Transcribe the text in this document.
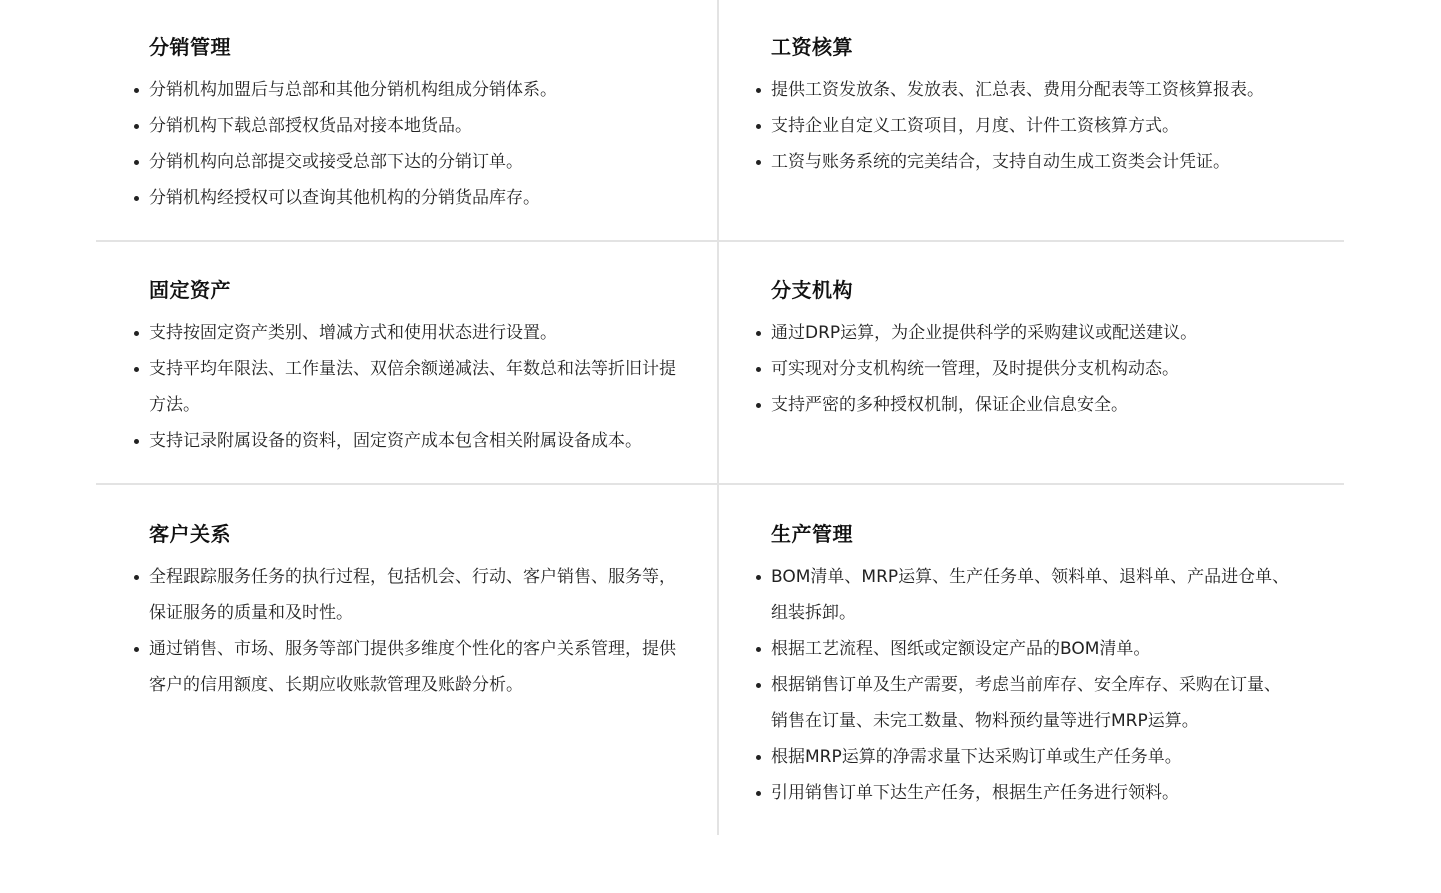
分销管理
分销机构加盟后与总部和其他分销机构组成分销体系。
分销机构下载总部授权货品对接本地货品。
分销机构向总部提交或接受总部下达的分销订单。
分销机构经授权可以查询其他机构的分销货品库存。
工资核算
提供工资发放条、发放表、汇总表、费用分配表等工资核算报表。
支持企业自定义工资项目，月度、计件工资核算方式。
工资与账务系统的完美结合，支持自动生成工资类会计凭证。
固定资产
支持按固定资产类别、增减方式和使用状态进行设置。
支持平均年限法、工作量法、双倍余额递减法、年数总和法等折旧计提方法。
支持记录附属设备的资料，固定资产成本包含相关附属设备成本。
分支机构
通过DRP运算，为企业提供科学的采购建议或配送建议。
可实现对分支机构统一管理，及时提供分支机构动态。
支持严密的多种授权机制，保证企业信息安全。
客户关系
全程跟踪服务任务的执行过程，包括机会、行动、客户销售、服务等，保证服务的质量和及时性。
通过销售、市场、服务等部门提供多维度个性化的客户关系管理，提供客户的信用额度、长期应收账款管理及账龄分析。
生产管理
BOM清单、MRP运算、生产任务单、领料单、退料单、产品进仓单、组装拆卸。
根据工艺流程、图纸或定额设定产品的BOM清单。
根据销售订单及生产需要，考虑当前库存、安全库存、采购在订量、销售在订量、未完工数量、物料预约量等进行MRP运算。
根据MRP运算的净需求量下达采购订单或生产任务单。
引用销售订单下达生产任务，根据生产任务进行领料。
